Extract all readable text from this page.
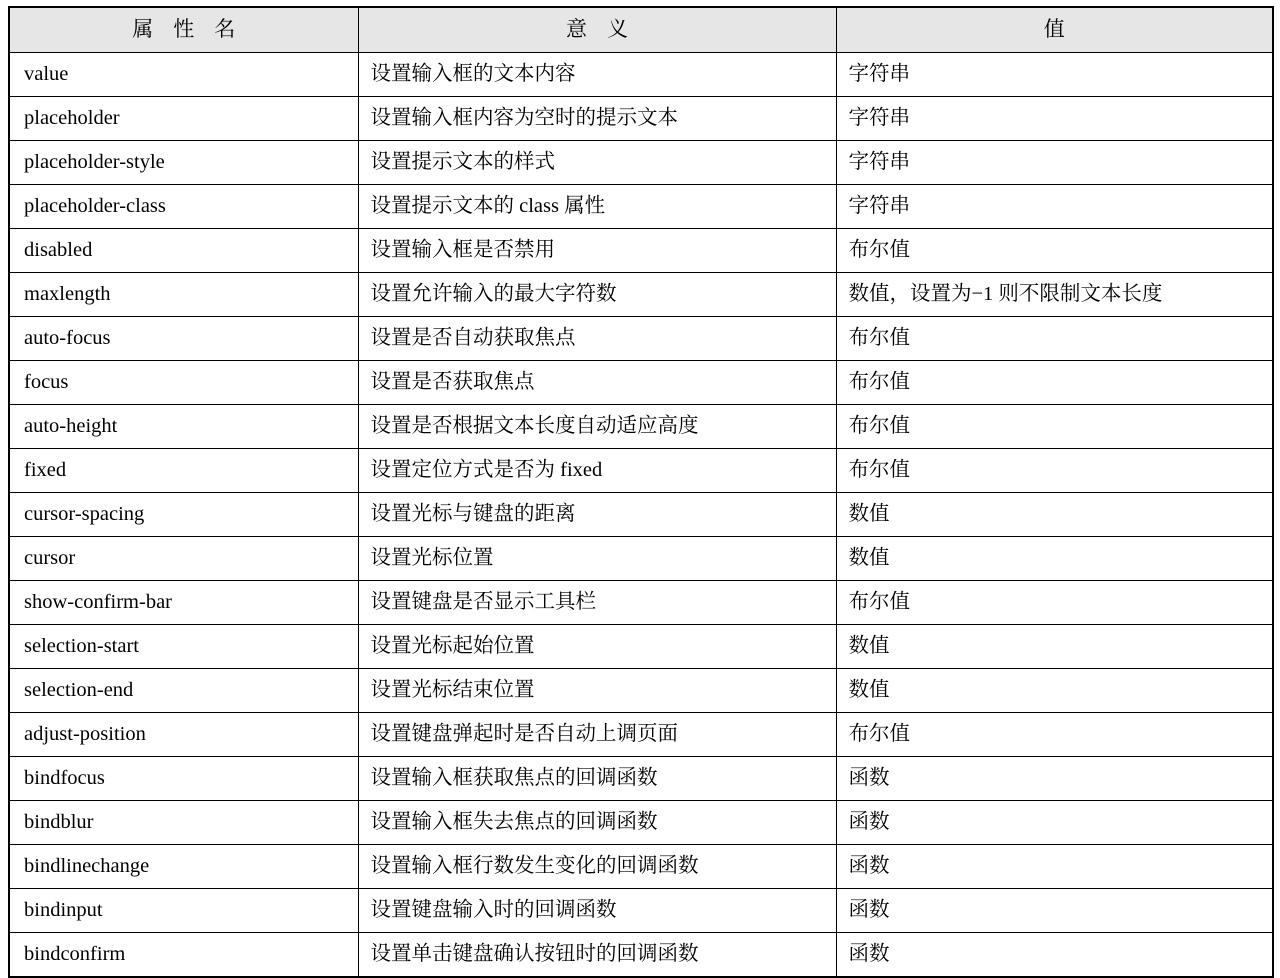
属 性 名	意 义	值

value	设置输入框的文本内容	字符串

placeholder	设置输入框内容为空时的提示文本	字符串

placeholder-style	设置提示文本的样式	字符串

placeholder-class	设置提示文本的 class 属性	字符串

disabled	设置输入框是否禁用	布尔值

maxlength	设置允许输入的最大字符数	数值，设置为−1 则不限制文本长度

auto-focus	设置是否自动获取焦点	布尔值

focus	设置是否获取焦点	布尔值

auto-height	设置是否根据文本长度自动适应高度	布尔值

fixed	设置定位方式是否为 fixed	布尔值

cursor-spacing	设置光标与键盘的距离	数值

cursor	设置光标位置	数值

show-confirm-bar	设置键盘是否显示工具栏	布尔值

selection-start	设置光标起始位置	数值

selection-end	设置光标结束位置	数值

adjust-position	设置键盘弹起时是否自动上调页面	布尔值

bindfocus	设置输入框获取焦点的回调函数	函数

bindblur	设置输入框失去焦点的回调函数	函数

bindlinechange	设置输入框行数发生变化的回调函数	函数

bindinput	设置键盘输入时的回调函数	函数

bindconfirm	设置单击键盘确认按钮时的回调函数	函数
